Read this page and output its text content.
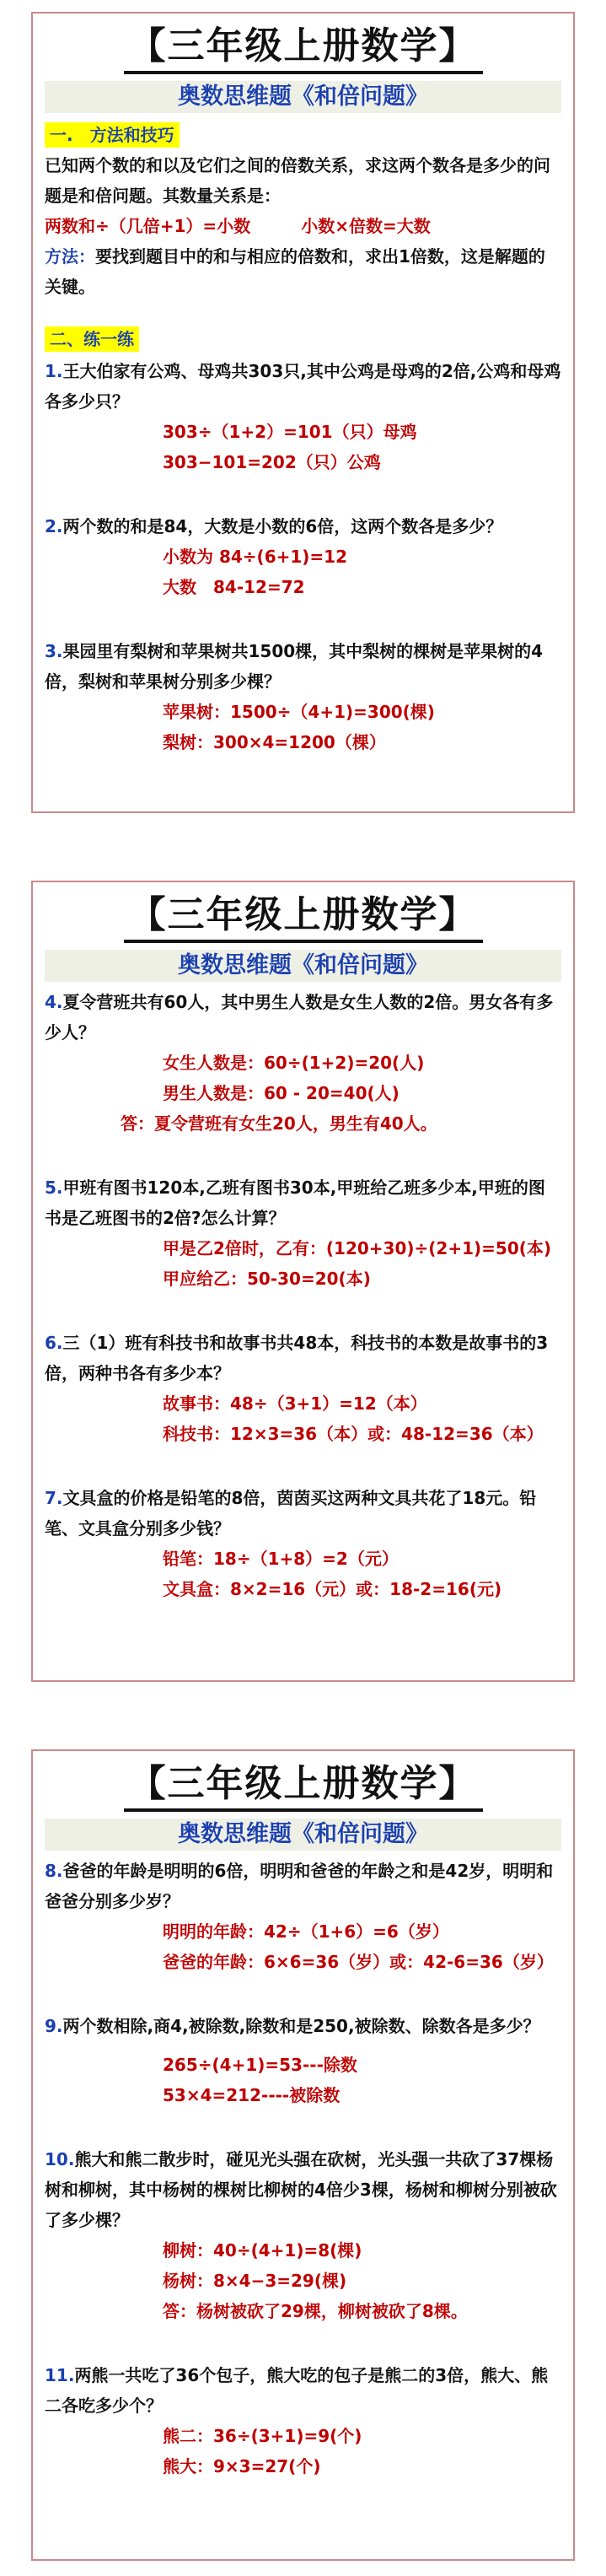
【三年级上册数学】
奥数思维题《和倍问题》
一.　方法和技巧
已知两个数的和以及它们之间的倍数关系，求这两个数各是多少的问题是和倍问题。其数量关系是：
两数和÷（几倍+1）=小数	小数×倍数=大数
方法：要找到题目中的和与相应的倍数和，求出1倍数，这是解题的关键。
二、练一练
1.王大伯家有公鸡、母鸡共303只,其中公鸡是母鸡的2倍,公鸡和母鸡各多少只？
303÷（1+2）=101（只）母鸡
303−101=202（只）公鸡
2.两个数的和是84，大数是小数的6倍，这两个数各是多少？
小数为 84÷(6+1)=12
大数　84-12=72
3.果园里有梨树和苹果树共1500棵，其中梨树的棵树是苹果树的4倍，梨树和苹果树分别多少棵？
苹果树：1500÷（4+1)=300(棵)
梨树：300×4=1200（棵）
【三年级上册数学】
奥数思维题《和倍问题》
4.夏令营班共有60人，其中男生人数是女生人数的2倍。男女各有多少人？
女生人数是：60÷(1+2)=20(人)
男生人数是：60 - 20=40(人)
答：夏令营班有女生20人，男生有40人。
5.甲班有图书120本,乙班有图书30本,甲班给乙班多少本,甲班的图书是乙班图书的2倍?怎么计算？
甲是乙2倍时，乙有：(120+30)÷(2+1)=50(本)
甲应给乙：50-30=20(本)
6.三（1）班有科技书和故事书共48本，科技书的本数是故事书的3倍，两种书各有多少本？
故事书：48÷（3+1）=12（本）
科技书：12×3=36（本）或：48-12=36（本）
7.文具盒的价格是铅笔的8倍，茵茵买这两种文具共花了18元。铅笔、文具盒分别多少钱？
铅笔：18÷（1+8）=2（元）
文具盒：8×2=16（元）或：18-2=16(元)
【三年级上册数学】
奥数思维题《和倍问题》
8.爸爸的年龄是明明的6倍，明明和爸爸的年龄之和是42岁，明明和爸爸分别多少岁？
明明的年龄：42÷（1+6）=6（岁）
爸爸的年龄：6×6=36（岁）或：42-6=36（岁）
9.两个数相除,商4,被除数,除数和是250,被除数、除数各是多少？
265÷(4+1)=53---除数
53×4=212----被除数
10.熊大和熊二散步时，碰见光头强在砍树，光头强一共砍了37棵杨树和柳树，其中杨树的棵树比柳树的4倍少3棵，杨树和柳树分别被砍了多少棵？
柳树：40÷(4+1)=8(棵)
杨树：8×4−3=29(棵)
答：杨树被砍了29棵，柳树被砍了8棵。
11.两熊一共吃了36个包子，熊大吃的包子是熊二的3倍，熊大、熊二各吃多少个？
熊二：36÷(3+1)=9(个)
熊大：9×3=27(个)
